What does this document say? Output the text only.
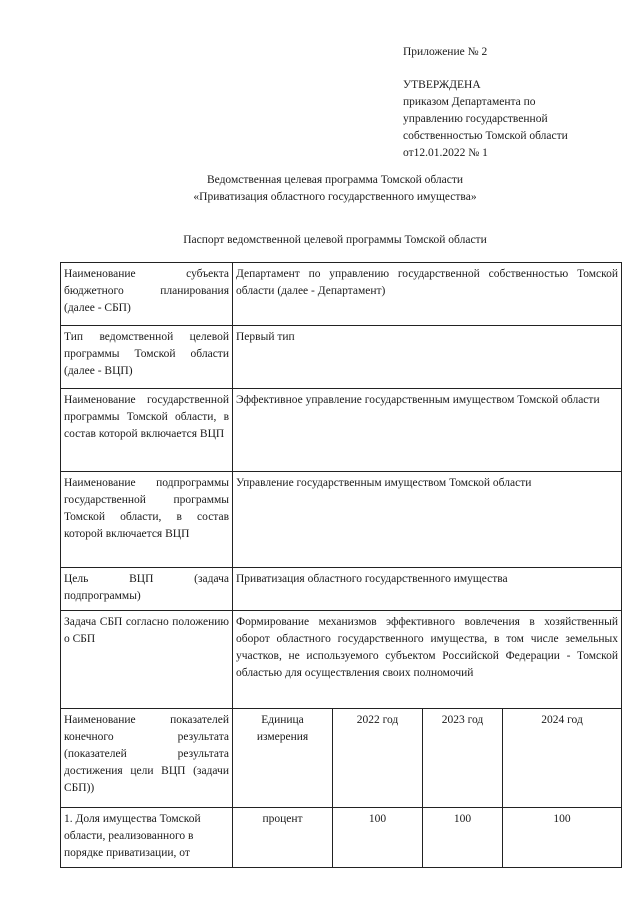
Приложение № 2
УТВЕРЖДЕНА
приказом Департамента по
управлению государственной
собственностью Томской области
от12.01.2022 № 1
Ведомственная целевая программа Томской области
«Приватизация областного государственного имущества»
Паспорт ведомственной целевой программы Томской области
Наименование субъекта бюджетного планирования (далее - СБП)	Департамент по управлению государственной собственностью Томской области (далее - Департамент)			
Тип ведомственной целевой программы Томской области (далее - ВЦП)	Первый тип			
Наименование государственной программы Томской области, в состав которой включается ВЦП	Эффективное управление государственным имуществом Томской области			
Наименование подпрограммы государственной программы Томской области, в состав которой включается ВЦП	Управление государственным имуществом Томской области			
Цель ВЦП (задача подпрограммы)	Приватизация областного государственного имущества			
Задача СБП согласно положению о СБП	Формирование механизмов эффективного вовлечения в хозяйственный оборот областного государственного имущества, в том числе земельных участков, не используемого субъектом Российской Федерации - Томской областью для осуществления своих полномочий			
Наименование показателей конечного результата (показателей результата достижения цели ВЦП (задачи СБП))	Единица измерения	2022 год	2023 год	2024 год
1. Доля имущества Томской области, реализованного в порядке приватизации, от	процент	100	100	100
